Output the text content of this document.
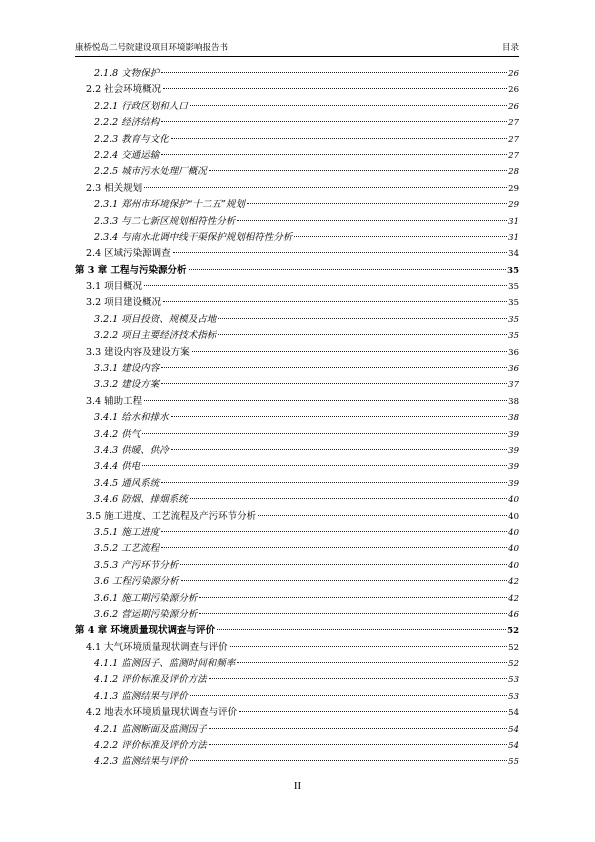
康桥悦岛二号院建设项目环境影响报告书	目录
2.1.8 文物保护	26
2.2 社会环境概况	26
2.2.1 行政区划和人口	26
2.2.2 经济结构	27
2.2.3 教育与文化	27
2.2.4 交通运输	27
2.2.5 城市污水处理厂概况	28
2.3 相关规划	29
2.3.1 郑州市环境保护“十二五”规划	29
2.3.3 与二七新区规划相符性分析	31
2.3.4 与南水北调中线干渠保护规划相符性分析	31
2.4 区域污染源调查	34
第 3 章 工程与污染源分析	35
3.1 项目概况	35
3.2 项目建设概况	35
3.2.1 项目投资、规模及占地	35
3.2.2 项目主要经济技术指标	35
3.3 建设内容及建设方案	36
3.3.1 建设内容	36
3.3.2 建设方案	37
3.4 辅助工程	38
3.4.1 给水和排水	38
3.4.2 供气	39
3.4.3 供暖、供冷	39
3.4.4 供电	39
3.4.5 通风系统	39
3.4.6 防烟、排烟系统	40
3.5 施工进度、工艺流程及产污环节分析	40
3.5.1 施工进度	40
3.5.2 工艺流程	40
3.5.3 产污环节分析	40
3.6 工程污染源分析	42
3.6.1 施工期污染源分析	42
3.6.2 营运期污染源分析	46
第 4 章 环境质量现状调查与评价	52
4.1 大气环境质量现状调查与评价	52
4.1.1 监测因子、监测时间和频率	52
4.1.2 评价标准及评价方法	53
4.1.3 监测结果与评价	53
4.2 地表水环境质量现状调查与评价	54
4.2.1 监测断面及监测因子	54
4.2.2 评价标准及评价方法	54
4.2.3 监测结果与评价	55
II
